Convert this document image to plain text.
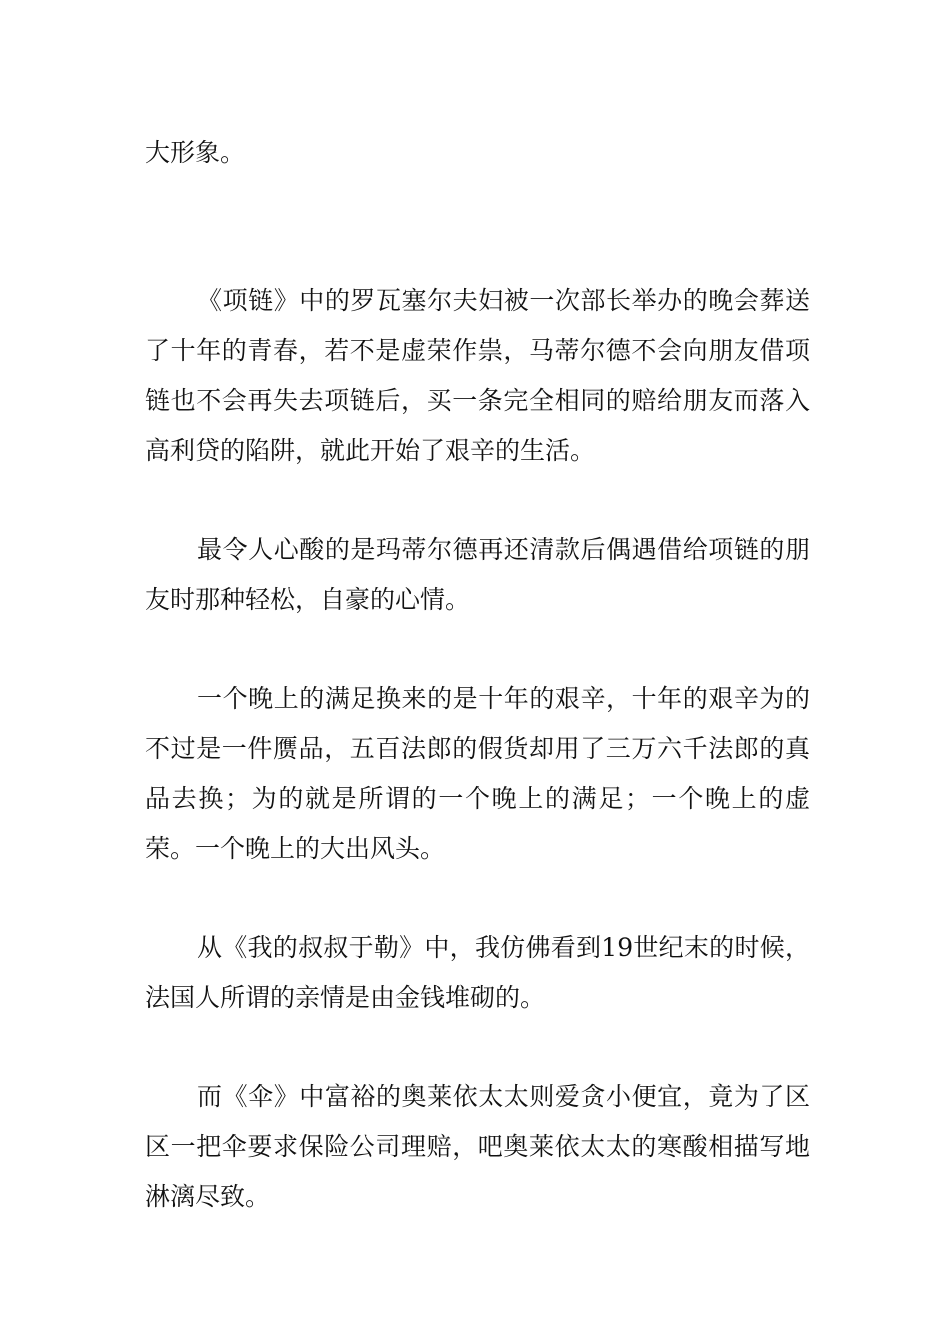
大形象。

《项链》中的罗瓦塞尔夫妇被一次部长举办的晚会葬送了十年的青春，若不是虚荣作祟，马蒂尔德不会向朋友借项链也不会再失去项链后，买一条完全相同的赔给朋友而落入高利贷的陷阱，就此开始了艰辛的生活。

最令人心酸的是玛蒂尔德再还清款后偶遇借给项链的朋友时那种轻松，自豪的心情。

一个晚上的满足换来的是十年的艰辛，十年的艰辛为的不过是一件赝品，五百法郎的假货却用了三万六千法郎的真品去换；为的就是所谓的一个晚上的满足；一个晚上的虚荣。一个晚上的大出风头。

从《我的叔叔于勒》中，我仿佛看到19世纪末的时候，法国人所谓的亲情是由金钱堆砌的。

而《伞》中富裕的奥莱依太太则爱贪小便宜，竟为了区区一把伞要求保险公司理赔，吧奥莱依太太的寒酸相描写地淋漓尽致。
